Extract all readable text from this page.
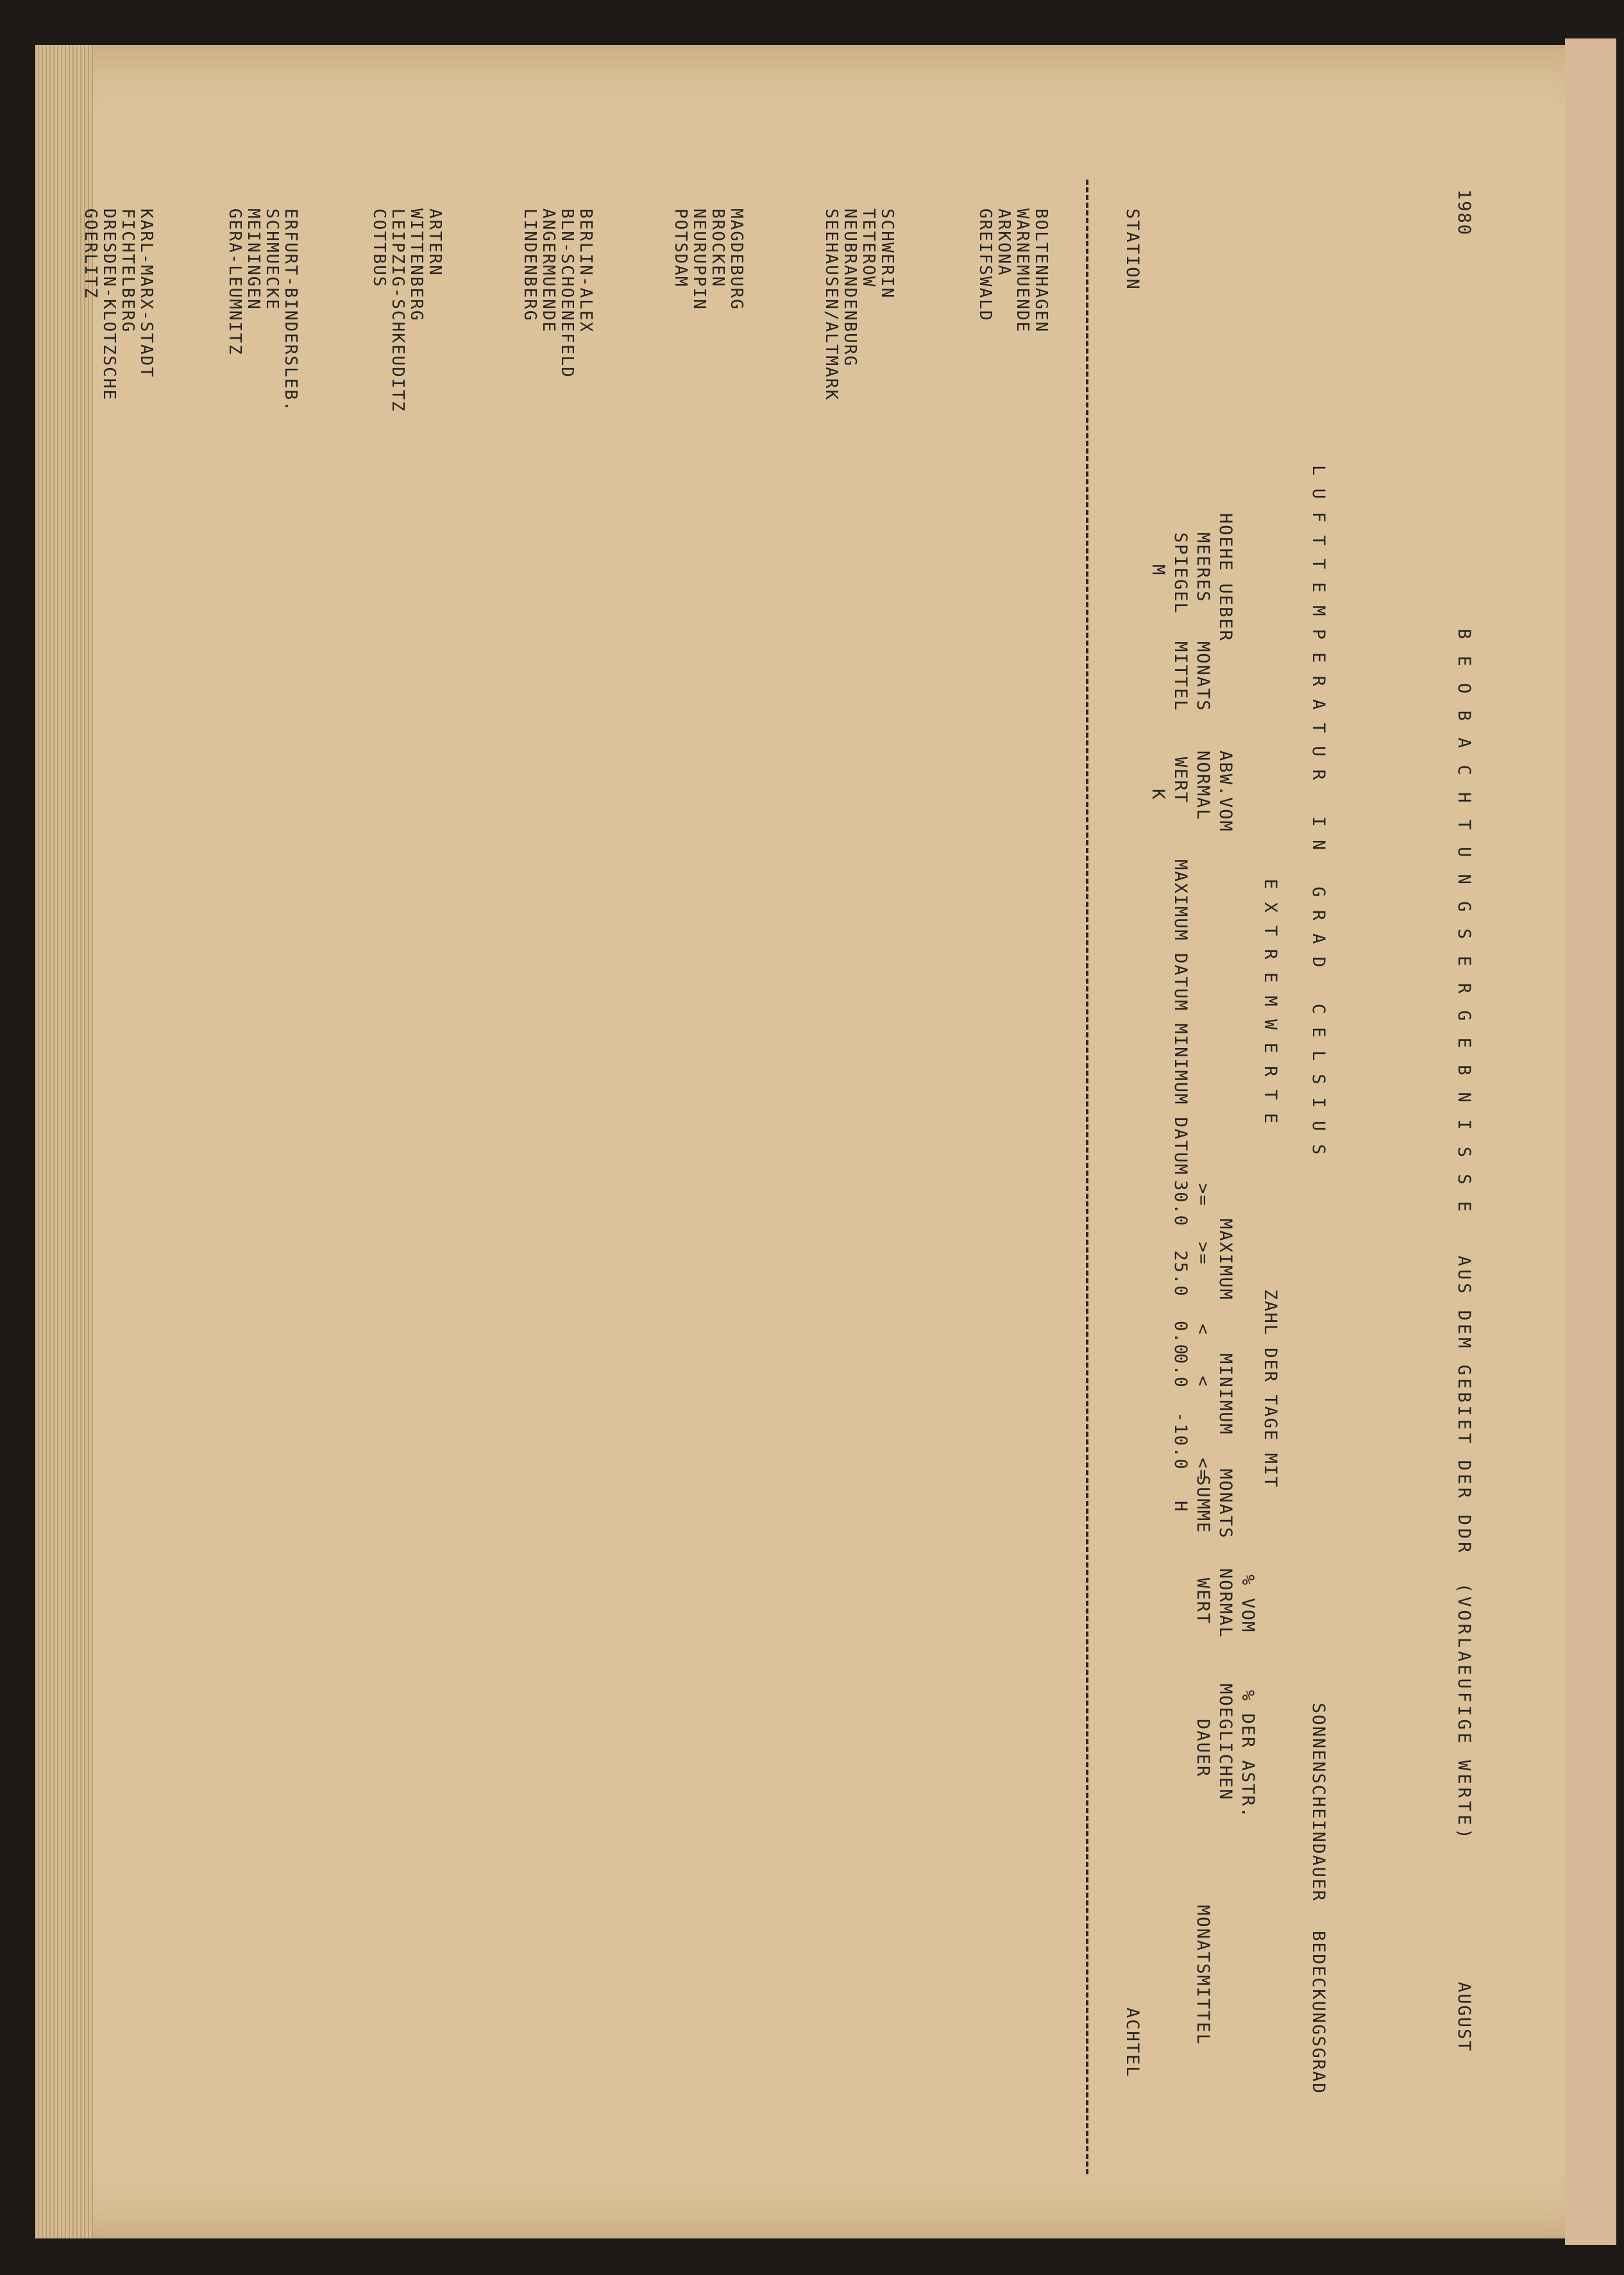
1980
B E O B A C H T U N G S E R G E B N I S S E   AUS DEM GEBIET DER DDR  (VORLAEUFIGE WERTE)
AUGUST
L U F T T E M P E R A T U R   I N   G R A D   C E L S I U S
E X T R E M W E R T E
ZAHL DER TAGE MIT
SONNENSCHEINDAUER
BEDECKUNGSGRAD
HOEHE UEBER
MEERES
SPIEGEL
M
MONATS
MITTEL
ABW.VOM
NORMAL
WERT
K
MAXIMUM DATUM MINIMUM DATUM
MAXIMUM
>=   >=     <
30.0  25.0  0.0
MINIMUM
<      <=
0.0  -10.0
MONATS
SUMME
H
% VOM
NORMAL
WERT
% DER ASTR.
MOEGLICHEN
DAUER
MONATSMITTEL
ACHTEL
STATION
BOLTENHAGEN
WARNEMUENDE
ARKONA
GREIFSWALD
SCHWERIN
TETEROW
NEUBRANDENBURG
SEEHAUSEN/ALTMARK
MAGDEBURG
BROCKEN
NEURUPPIN
POTSDAM
BERLIN-ALEX
BLN-SCHOENEFELD
ANGERMUENDE
LINDENBERG
ARTERN
WITTENBERG
LEIPZIG-SCHKEUDITZ
COTTBUS
ERFURT-BINDERSLEB.
SCHMUECKE
MEININGEN
GERA-LEUMNITZ
KARL-MARX-STADT
FICHTELBERG
DRESDEN-KLOTZSCHE
GOERLITZ
